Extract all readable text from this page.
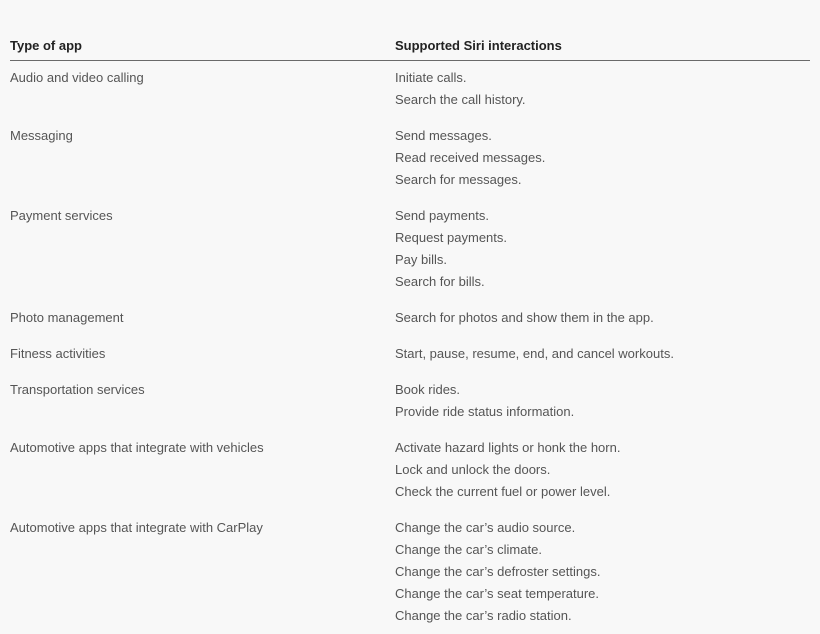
Type of app	Supported Siri interactions
Audio and video calling	Initiate calls.
Search the call history.
Messaging	Send messages.
Read received messages.
Search for messages.
Payment services	Send payments.
Request payments.
Pay bills.
Search for bills.
Photo management	Search for photos and show them in the app.
Fitness activities	Start, pause, resume, end, and cancel workouts.
Transportation services	Book rides.
Provide ride status information.
Automotive apps that integrate with vehicles	Activate hazard lights or honk the horn.
Lock and unlock the doors.
Check the current fuel or power level.
Automotive apps that integrate with CarPlay	Change the car’s audio source.
Change the car’s climate.
Change the car’s defroster settings.
Change the car’s seat temperature.
Change the car’s radio station.
